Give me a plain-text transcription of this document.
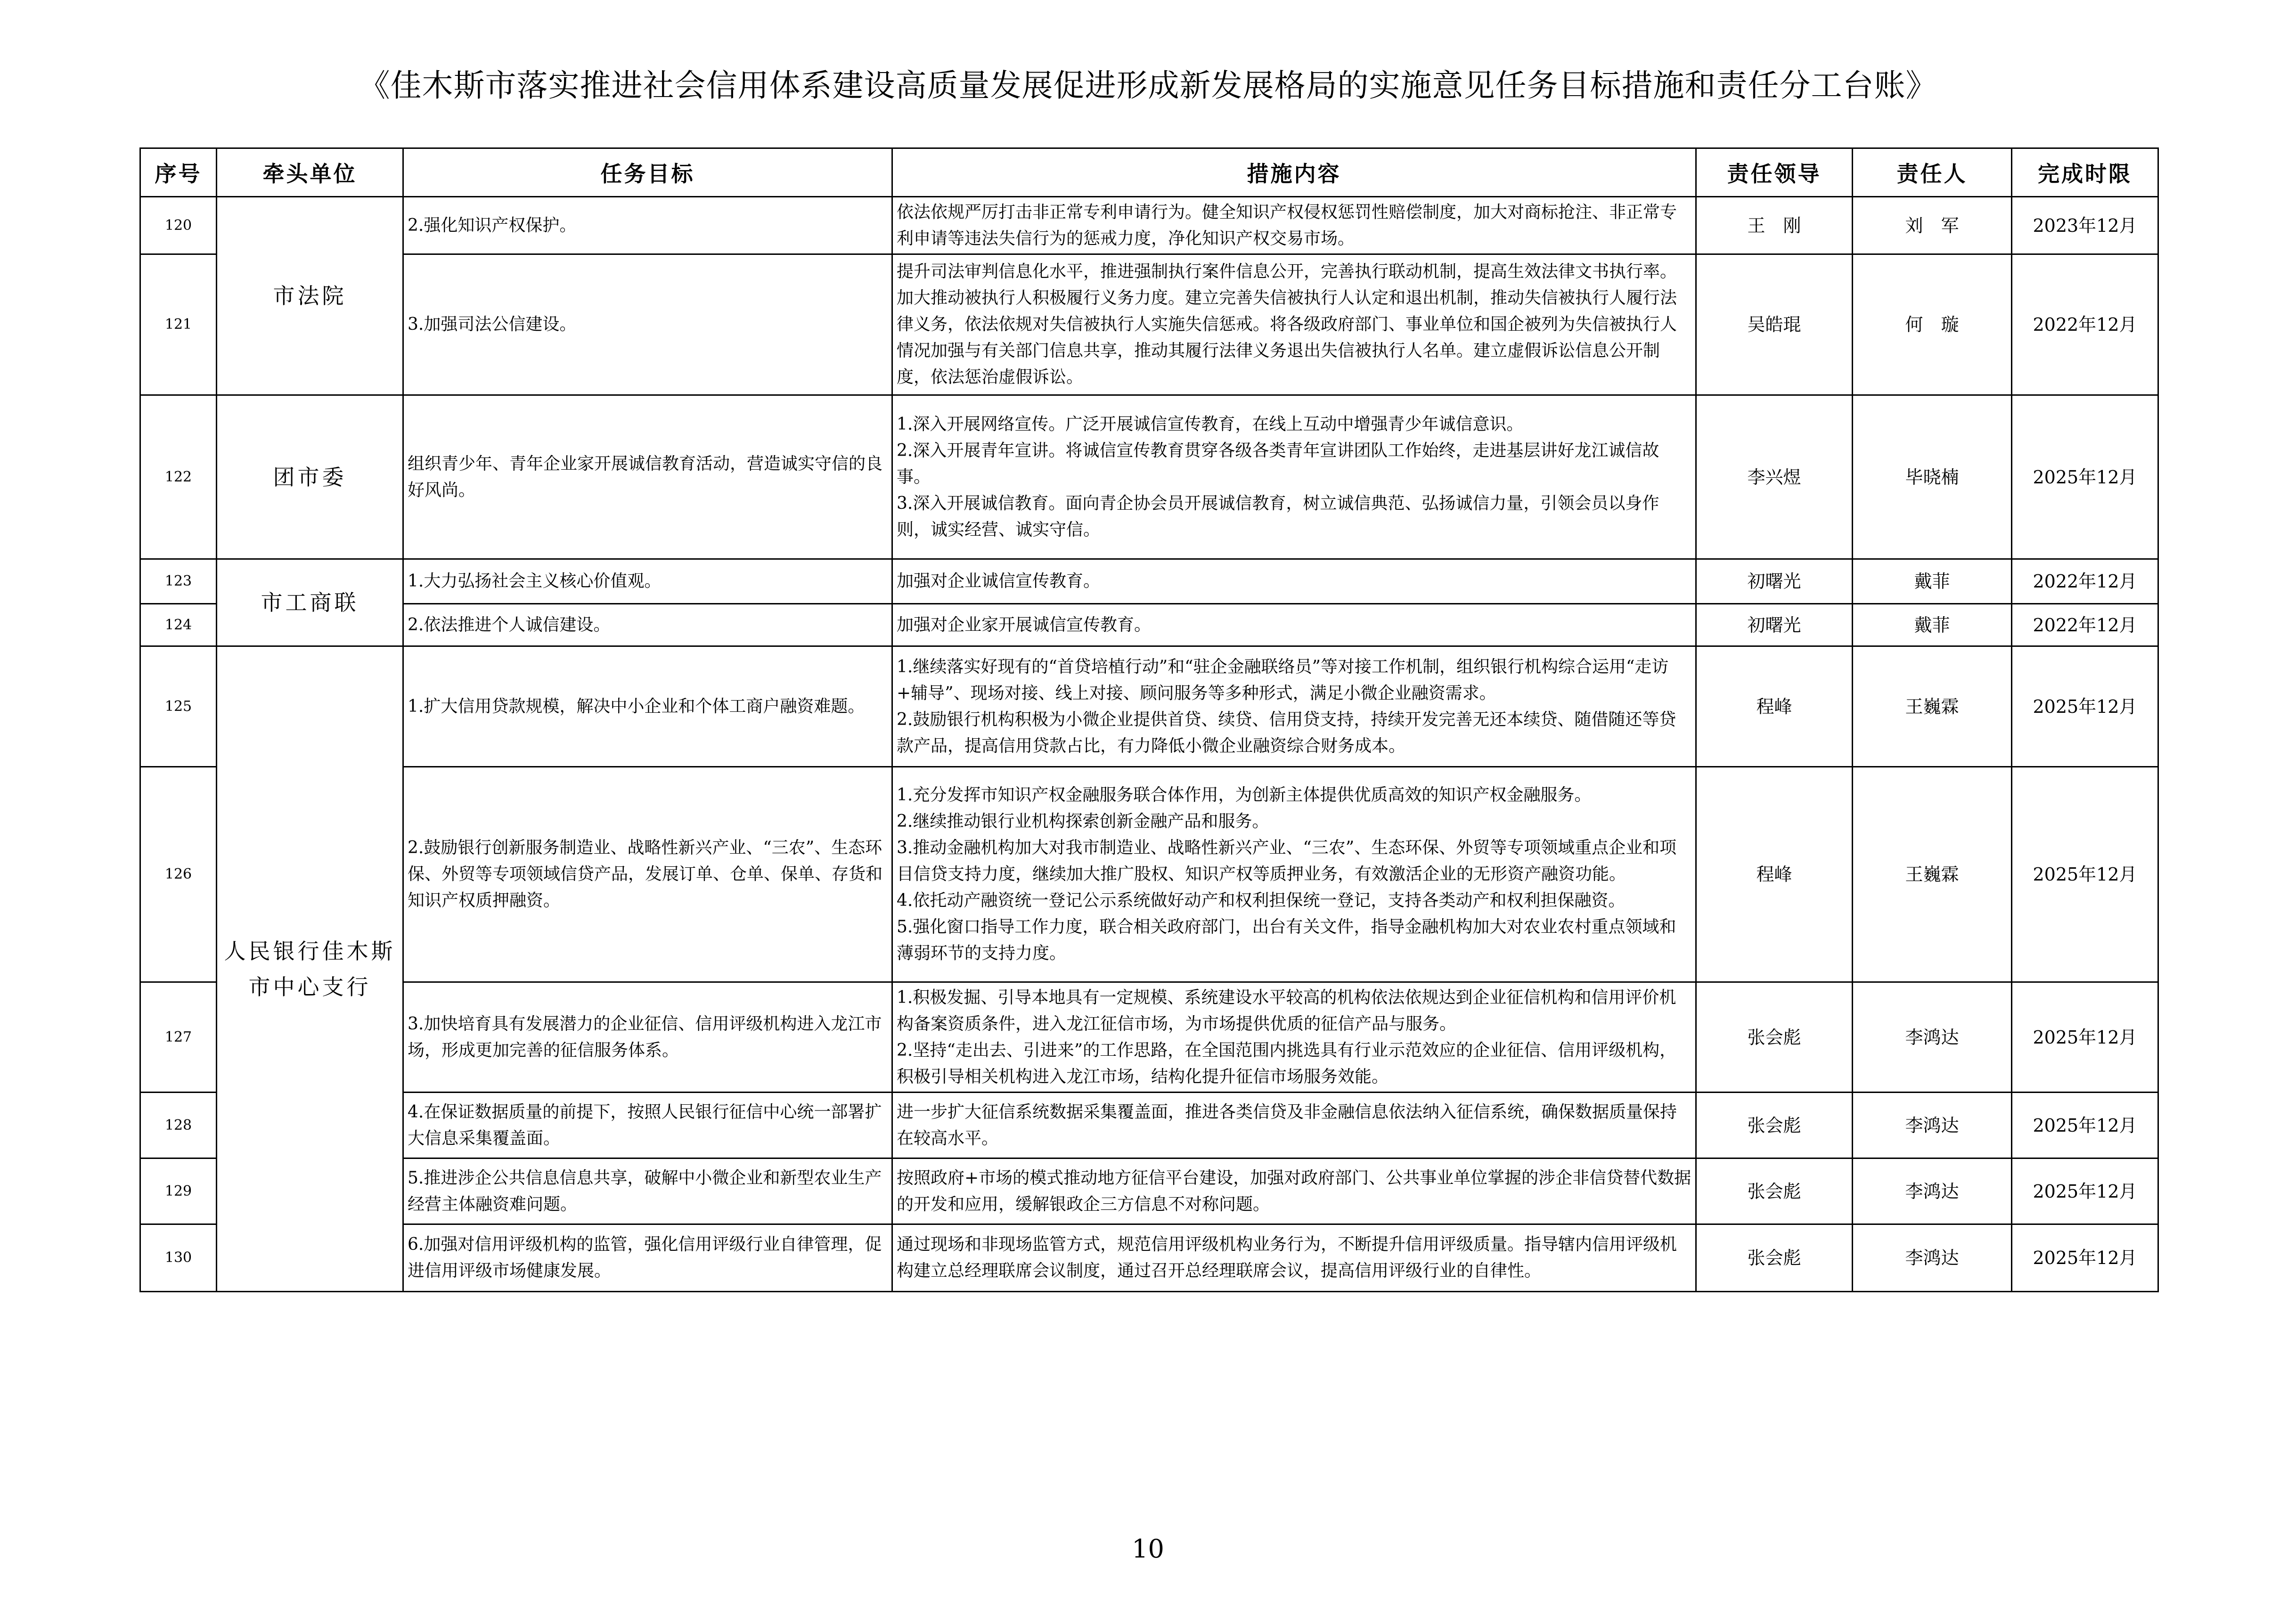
《佳木斯市落实推进社会信用体系建设高质量发展促进形成新发展格局的实施意见任务目标措施和责任分工台账》
序号	牵头单位	任务目标	措施内容	责任领导	责任人	完成时限
120	市法院	2.强化知识产权保护。	依法依规严厉打击非正常专利申请行为。健全知识产权侵权惩罚性赔偿制度，加大对商标抢注、非正常专利申请等违法失信行为的惩戒力度，净化知识产权交易市场。	王　刚	刘　军	2023年12月
121		3.加强司法公信建设。	提升司法审判信息化水平，推进强制执行案件信息公开，完善执行联动机制，提高生效法律文书执行率。加大推动被执行人积极履行义务力度。建立完善失信被执行人认定和退出机制，推动失信被执行人履行法律义务，依法依规对失信被执行人实施失信惩戒。将各级政府部门、事业单位和国企被列为失信被执行人情况加强与有关部门信息共享，推动其履行法律义务退出失信被执行人名单。建立虚假诉讼信息公开制度，依法惩治虚假诉讼。	吴皓琨	何　璇	2022年12月
122	团市委	组织青少年、青年企业家开展诚信教育活动，营造诚实守信的良好风尚。	1.深入开展网络宣传。广泛开展诚信宣传教育，在线上互动中增强青少年诚信意识。
2.深入开展青年宣讲。将诚信宣传教育贯穿各级各类青年宣讲团队工作始终，走进基层讲好龙江诚信故事。
3.深入开展诚信教育。面向青企协会员开展诚信教育，树立诚信典范、弘扬诚信力量，引领会员以身作则，诚实经营、诚实守信。	李兴煜	毕晓楠	2025年12月
123	市工商联	1.大力弘扬社会主义核心价值观。	加强对企业诚信宣传教育。	初曙光	戴菲	2022年12月
124		2.依法推进个人诚信建设。	加强对企业家开展诚信宣传教育。	初曙光	戴菲	2022年12月
125	人民银行佳木斯市中心支行	1.扩大信用贷款规模，解决中小企业和个体工商户融资难题。	1.继续落实好现有的“首贷培植行动”和“驻企金融联络员”等对接工作机制，组织银行机构综合运用“走访+辅导”、现场对接、线上对接、顾问服务等多种形式，满足小微企业融资需求。
2.鼓励银行机构积极为小微企业提供首贷、续贷、信用贷支持，持续开发完善无还本续贷、随借随还等贷款产品，提高信用贷款占比，有力降低小微企业融资综合财务成本。	程峰	王巍霖	2025年12月
126		2.鼓励银行创新服务制造业、战略性新兴产业、“三农”、生态环保、外贸等专项领域信贷产品，发展订单、仓单、保单、存货和知识产权质押融资。	1.充分发挥市知识产权金融服务联合体作用，为创新主体提供优质高效的知识产权金融服务。
2.继续推动银行业机构探索创新金融产品和服务。
3.推动金融机构加大对我市制造业、战略性新兴产业、“三农”、生态环保、外贸等专项领域重点企业和项目信贷支持力度，继续加大推广股权、知识产权等质押业务，有效激活企业的无形资产融资功能。
4.依托动产融资统一登记公示系统做好动产和权利担保统一登记，支持各类动产和权利担保融资。
5.强化窗口指导工作力度，联合相关政府部门，出台有关文件，指导金融机构加大对农业农村重点领域和薄弱环节的支持力度。	程峰	王巍霖	2025年12月
127		3.加快培育具有发展潜力的企业征信、信用评级机构进入龙江市场，形成更加完善的征信服务体系。	1.积极发掘、引导本地具有一定规模、系统建设水平较高的机构依法依规达到企业征信机构和信用评价机构备案资质条件，进入龙江征信市场，为市场提供优质的征信产品与服务。
2.坚持“走出去、引进来”的工作思路，在全国范围内挑选具有行业示范效应的企业征信、信用评级机构，积极引导相关机构进入龙江市场，结构化提升征信市场服务效能。	张会彪	李鸿达	2025年12月
128		4.在保证数据质量的前提下，按照人民银行征信中心统一部署扩大信息采集覆盖面。	进一步扩大征信系统数据采集覆盖面，推进各类信贷及非金融信息依法纳入征信系统，确保数据质量保持在较高水平。	张会彪	李鸿达	2025年12月
129		5.推进涉企公共信息信息共享，破解中小微企业和新型农业生产经营主体融资难问题。	按照政府+市场的模式推动地方征信平台建设，加强对政府部门、公共事业单位掌握的涉企非信贷替代数据的开发和应用，缓解银政企三方信息不对称问题。	张会彪	李鸿达	2025年12月
130		6.加强对信用评级机构的监管，强化信用评级行业自律管理，促进信用评级市场健康发展。	通过现场和非现场监管方式，规范信用评级机构业务行为，不断提升信用评级质量。指导辖内信用评级机构建立总经理联席会议制度，通过召开总经理联席会议，提高信用评级行业的自律性。	张会彪	李鸿达	2025年12月
10
